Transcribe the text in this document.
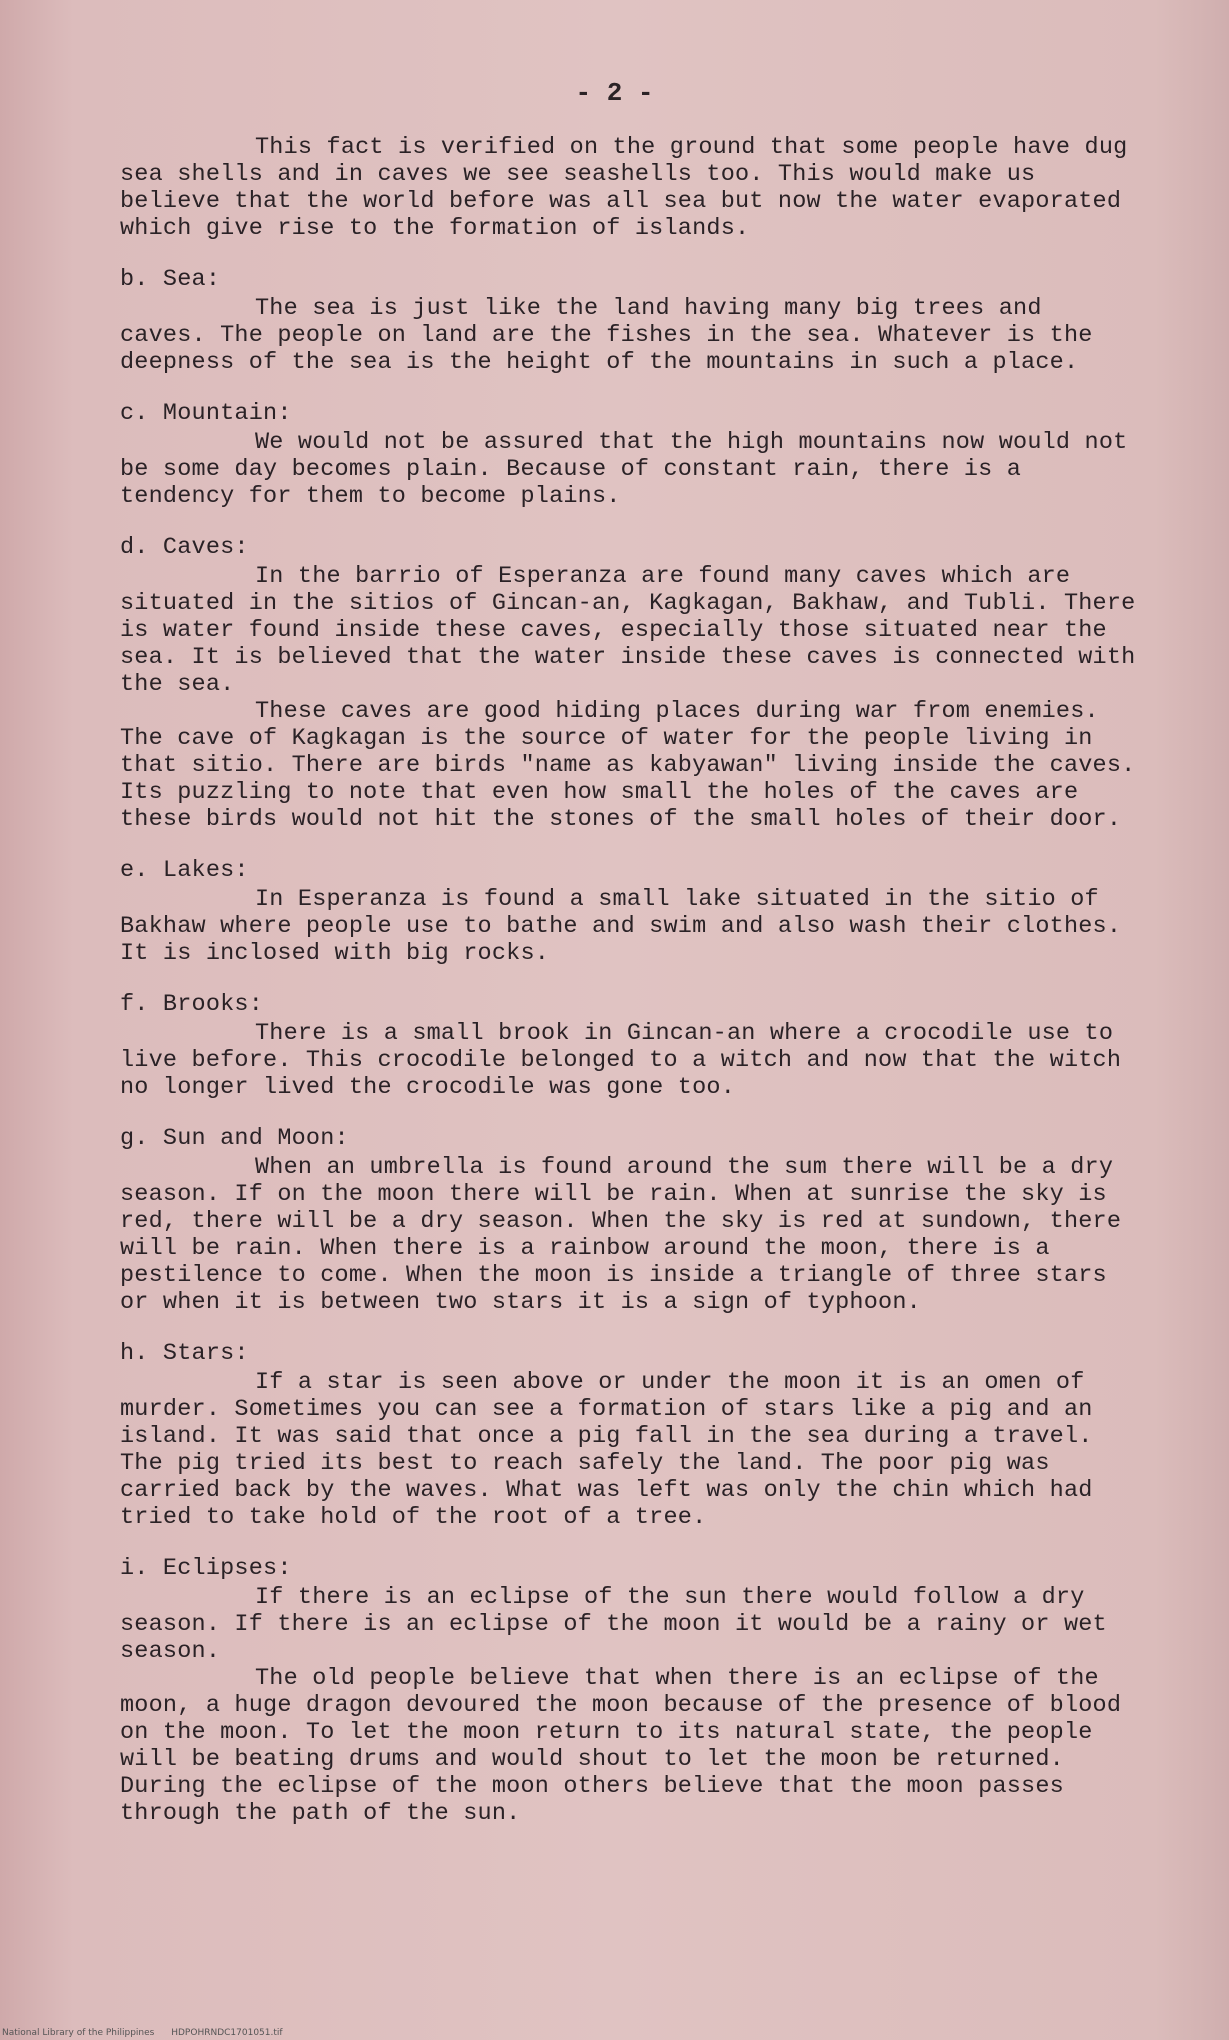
- 2 -

This fact is verified on the ground that some people have dug sea shells and in caves we see seashells too. This would make us believe that the world before was all sea but now the water evaporated which give rise to the formation of islands.

b. Sea:

The sea is just like the land having many big trees and caves. The people on land are the fishes in the sea. Whatever is the deepness of the sea is the height of the mountains in such a place.

c. Mountain:

We would not be assured that the high mountains now would not be some day becomes plain. Because of constant rain, there is a tendency for them to become plains.

d. Caves:

In the barrio of Esperanza are found many caves which are situated in the sitios of Gincan-an, Kagkagan, Bakhaw, and Tubli. There is water found inside these caves, especially those situated near the sea. It is believed that the water inside these caves is connected with the sea.

These caves are good hiding places during war from enemies. The cave of Kagkagan is the source of water for the people living in that sitio. There are birds "name as kabyawan" living inside the caves. Its puzzling to note that even how small the holes of the caves are these birds would not hit the stones of the small holes of their door.

e. Lakes:

In Esperanza is found a small lake situated in the sitio of Bakhaw where people use to bathe and swim and also wash their clothes. It is inclosed with big rocks.

f. Brooks:

There is a small brook in Gincan-an where a crocodile use to live before. This crocodile belonged to a witch and now that the witch no longer lived the crocodile was gone too.

g. Sun and Moon:

When an umbrella is found around the sum there will be a dry season. If on the moon there will be rain. When at sunrise the sky is red, there will be a dry season. When the sky is red at sundown, there will be rain. When there is a rainbow around the moon, there is a pestilence to come. When the moon is inside a triangle of three stars or when it is between two stars it is a sign of typhoon.

h. Stars:

If a star is seen above or under the moon it is an omen of murder. Sometimes you can see a formation of stars like a pig and an island. It was said that once a pig fall in the sea during a travel. The pig tried its best to reach safely the land. The poor pig was carried back by the waves. What was left was only the chin which had tried to take hold of the root of a tree.

i. Eclipses:

If there is an eclipse of the sun there would follow a dry season. If there is an eclipse of the moon it would be a rainy or wet season.

The old people believe that when there is an eclipse of the moon, a huge dragon devoured the moon because of the presence of blood on the moon. To let the moon return to its natural state, the people will be beating drums and would shout to let the moon be returned. During the eclipse of the moon others believe that the moon passes through the path of the sun.

National Library of the Philippines HDPOHRNDC1701051.tif
